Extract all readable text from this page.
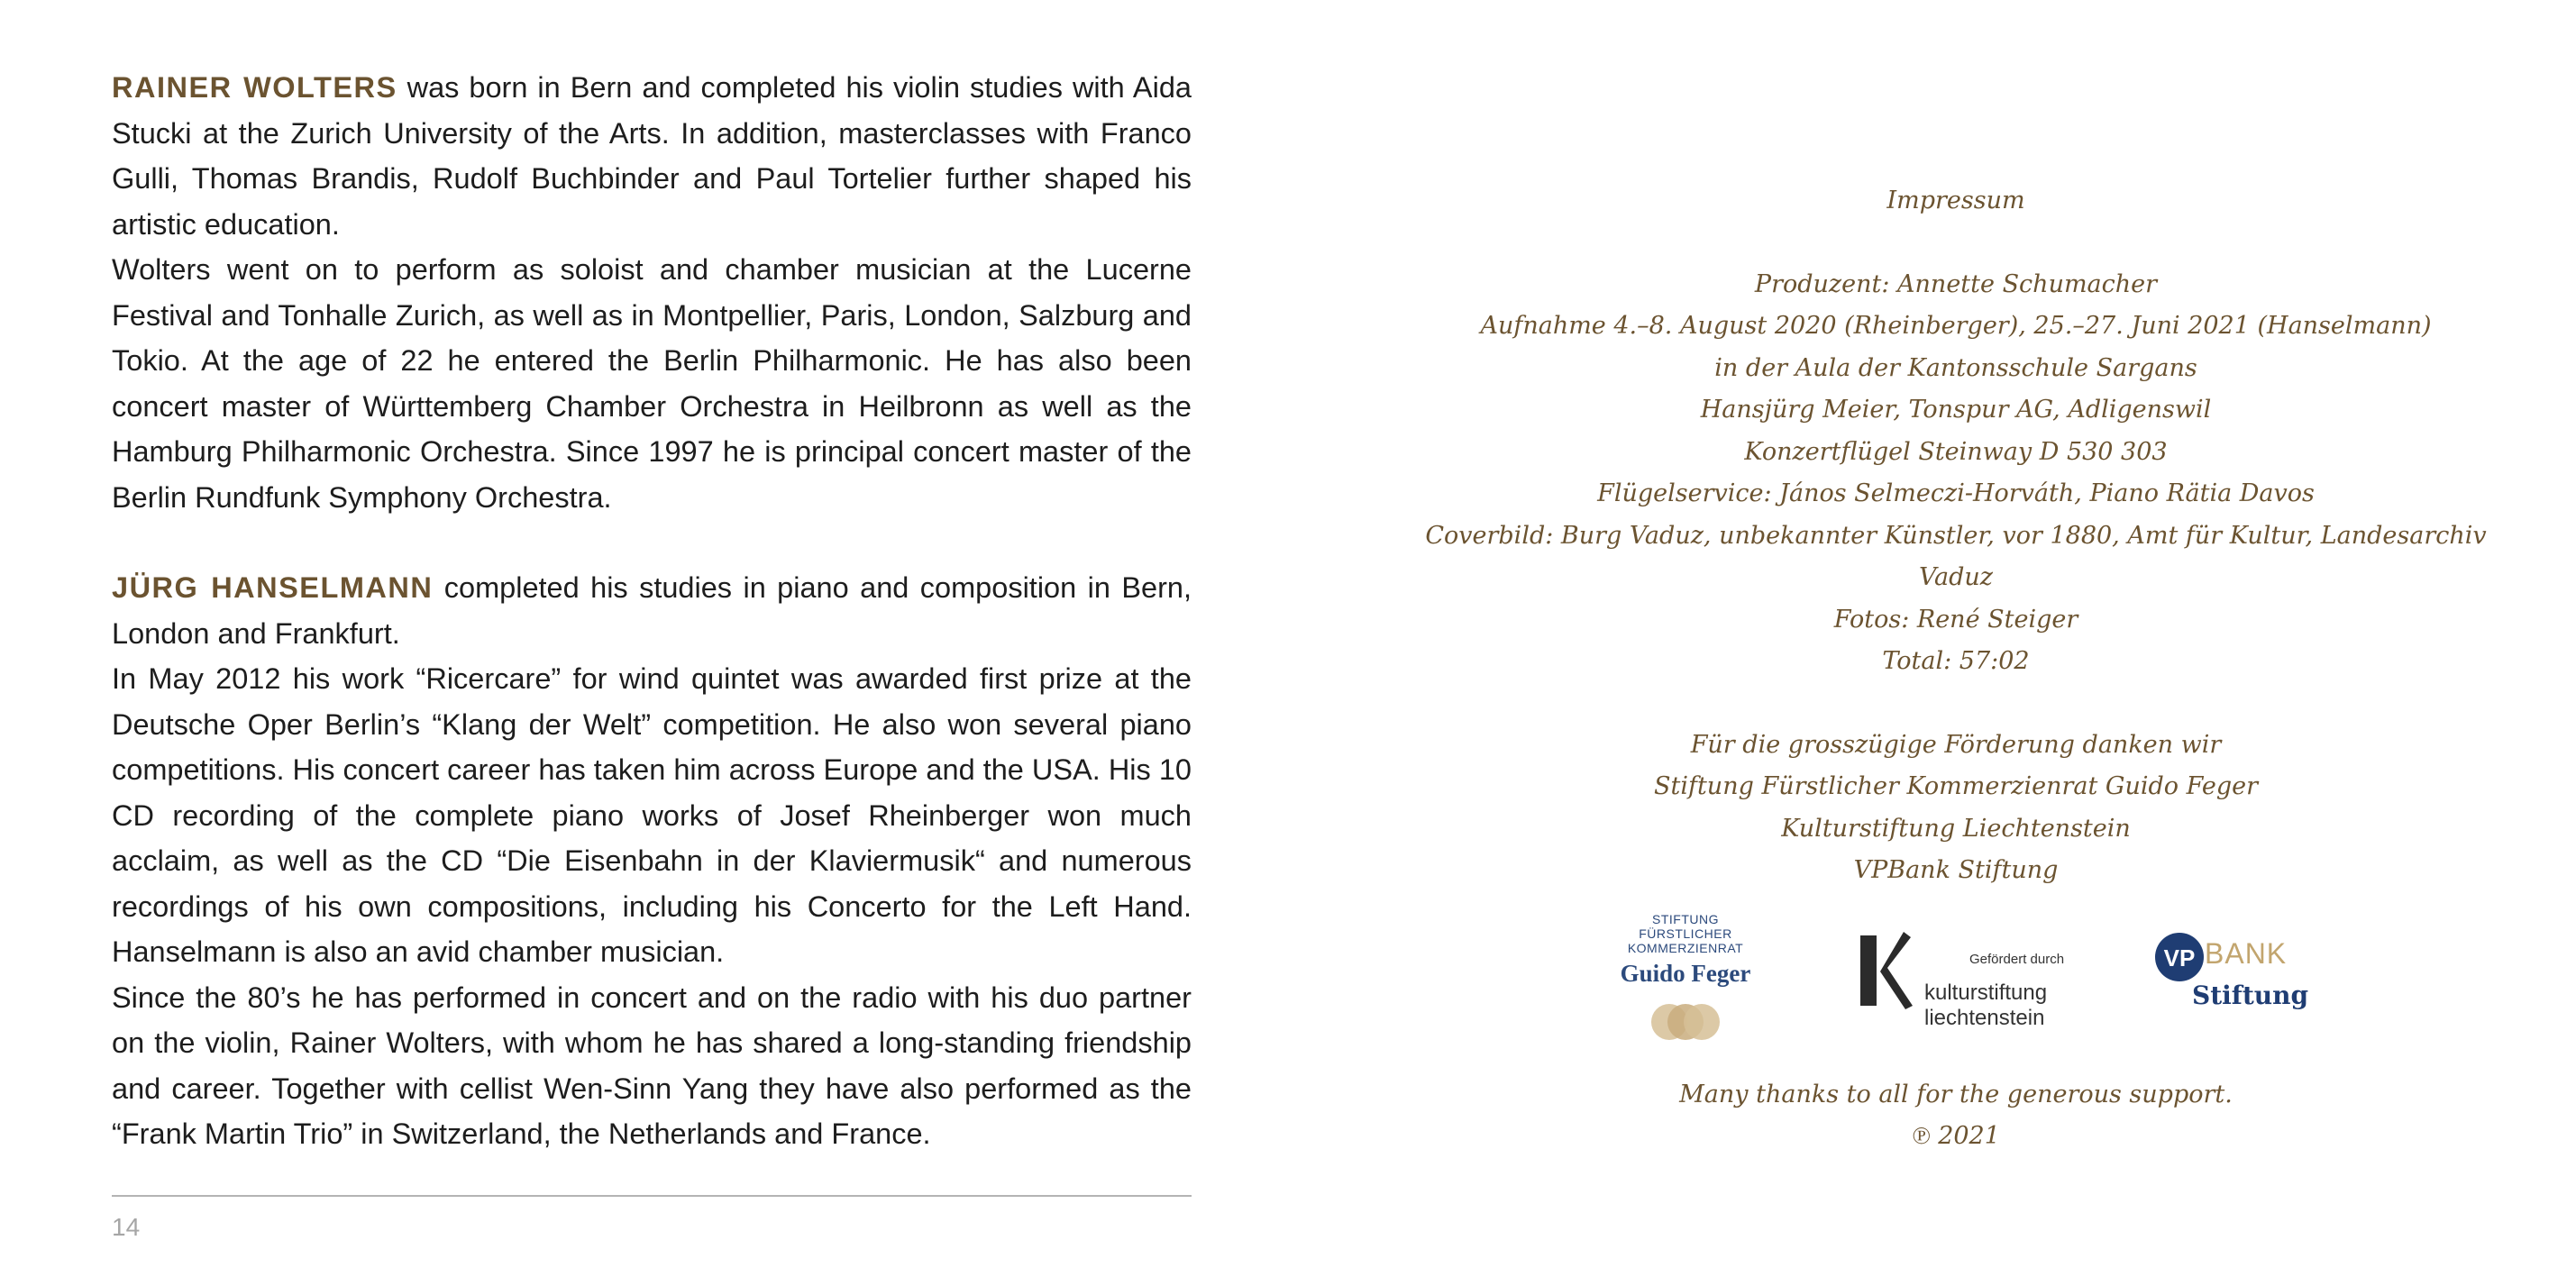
RAINER WOLTERS was born in Bern and completed his violin studies with Aida Stucki at the Zurich University of the Arts. In addition, masterclasses with Franco Gulli, Thomas Brandis, Rudolf Buchbinder and Paul Tortelier further shaped his artistic education.

Wolters went on to perform as soloist and chamber musician at the Lucerne Festival and Tonhalle Zurich, as well as in Montpellier, Paris, London, Salzburg and Tokio. At the age of 22 he entered the Berlin Philharmonic. He has also been concert master of Württemberg Chamber Orchestra in Heilbronn as well as the Hamburg Philharmonic Orchestra. Since 1997 he is principal concert master of the Berlin Rundfunk Symphony Orchestra.

JÜRG HANSELMANN completed his studies in piano and composition in Bern, London and Frankfurt.

In May 2012 his work “Ricercare” for wind quintet was awarded first prize at the Deutsche Oper Berlin’s “Klang der Welt” competition. He also won several piano competitions. His concert career has taken him across Europe and the USA. His 10 CD recording of the complete piano works of Josef Rheinberger won much acclaim, as well as the CD “Die Eisenbahn in der Klaviermusik“ and numerous recordings of his own compositions, including his Concerto for the Left Hand. Hanselmann is also an avid chamber musician.

Since the 80’s he has performed in concert and on the radio with his duo partner on the violin, Rainer Wolters, with whom he has shared a long-standing friendship and career. Together with cellist Wen-Sinn Yang they have also performed as the “Frank Martin Trio” in Switzerland, the Netherlands and France.

14

Impressum

Produzent: Annette Schumacher

Aufnahme 4.–8. August 2020 (Rheinberger), 25.–27. Juni 2021 (Hanselmann)

in der Aula der Kantonsschule Sargans

Hansjürg Meier, Tonspur AG, Adligenswil

Konzertflügel Steinway D 530 303

Flügelservice: János Selmeczi-Horváth, Piano Rätia Davos

Coverbild: Burg Vaduz, unbekannter Künstler, vor 1880, Amt für Kultur, Landesarchiv Vaduz

Fotos: René Steiger

Total: 57:02

Für die grosszügige Förderung danken wir

Stiftung Fürstlicher Kommerzienrat Guido Feger

Kulturstiftung Liechtenstein

VPBank Stiftung

STIFTUNG
FÜRSTLICHER KOMMERZIENRAT
Guido Feger
Gefördert durch
kulturstiftung
liechtenstein
VP BANK
Stiftung

Many thanks to all for the generous support.

℗ 2021
